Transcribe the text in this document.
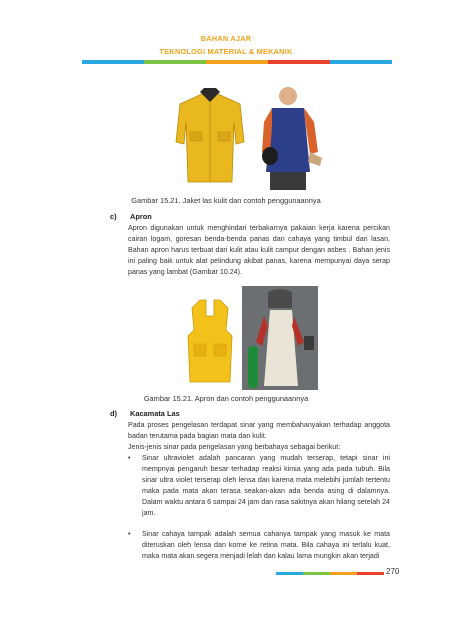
BAHAN AJAR
TEKNOLOGI MATERIAL & MEKANIK
Gambar 15.21. Jaket las kulit dan contoh penggunaannya
c) Apron
Apron digunakan untuk menghindari terbakarnya pakaian kerja karena percikan cairan logam, goresan benda-benda panas dan cahaya yang timbul dari lasan. Bahan apron harus terbuat dari kulit atau kulit campur dengan asbes . Bahan jenis ini paling baik untuk alat pelindung akibat panas, karena mempunyai daya serap panas yang lambat (Gambar 10.24).
Gambar 15.21. Apron dan contoh penggunaannya
d) Kacamata Las
Pada proses pengelasan terdapat sinar yang membahanyakan terhadap anggota badan terutama pada bagian mata dan kulit.
Jenis-jenis sinar pada pengelasan yang berbahaya sebagai berikut:
• Sinar ultraviolet adalah pancaran yang mudah terserap, tetapi sinar ini mempnyai pengaruh besar terhadap reaksi kimia yang ada pada tubuh. Bila sinar ultra violet terserap oleh lensa dan karena mata melebihi jumlah tertentu maka pada mata akan terasa seakan-akan ada benda asing di dalamnya. Dalam waktu antara 6 sampai 24 jam dan rasa sakitnya akan hilang setelah 24 jam.
• Sinar cahaya tampak adalah semua cahanya tampak yang masuk ke mata diteruskan oleh lensa dan korne ke retina mata. Bila cahaya ini terlalu kuat, maka mata akan segera menjadi lelah dan kalau lama mungkin akan terjadi
270
